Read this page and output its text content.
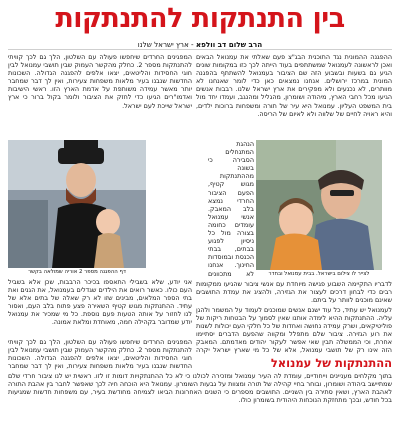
בין התנתקות להתנתקות
הרב שלום דב וולפא - ארץ ישראל שלנו

ההפגנה ההמונית נגד התוכנית הבג"צ פעם שאלתי את עמנואל הבאים ואכן לראשונה לעמנואל שמשתתפים בעוד הייתה לכך כזו במקומות שונים הגיע גם בשעות ובשבוע הזה שם הציבור בעמנואל להשתתף בהפגנה המונית במרכז ירושלים. אנחנו נמצאים כאן כדי לומר שאנחנו לא מוותרים, לא נכנעים ולא מפקירים את ארץ ישראל שלנו. רבבות אנשים הגיעו מכל רחבי הארץ, מיהודה ושומרון, מהגליל ומהנגב, ועמדו יחד מול בית המשפט העליון. עמנואל היא עיר של תורה ומשפחות ברוכות ילדים, והיא ראויה לחיים של שלווה ולא לאיום של הריסה.

המפגינים החרדים שיחפשו פעולה עם השלטון, הלך גם לכך קוויתי להתנתקות מספר 2. כחלק מהקשר העמוק שבין תושבי עמנואל לבין חוגי החסידות והליטאים, יצאו אלפים להפגנה הגדולה. השכונות החדשות שנבנו בעיר מלאות משפחות צעירות, ואין לך דבר שמחבר יותר מאשר עמידה משותפת על אדמת הארץ הזו. ראשי הישיבות ואדמו"רים הגיעו כדי לחזק את הציבור ולומר בקול ברור כי ארץ ישראל שייכת לעם ישראל.

לצייר לו צילום בישראל. בבית עמנואל ובחדר

הנהגת המתנחלים הסבירה כי בשונה מההתנתקות מגוש קטיף, הפעם הציבור החרדי נמצא בלב המאבק. אנשי עמנואל עומדים כחומה בצורה מול כל ניסיון לפגוע בבתים, בבתי הכנסת ובמוסדות החינוך. אנחנו לא מתכוונים

דף ההפגנה מספר 2 אוריה שמולאה בקשר

אני יודע, שלא בשבילי התאספו בכיכר הרבבות, שכן אלא בשביל העם כולו. כאשר רואים את הילדים שגדלים בעמנואל, את הגנים ואת בתי הספר המלאים, מבינים שזו לא רק שאלה של בתים אלא של עתיד. ההתנתקות מגוש קטיף השאירה פצע פתוח בלב העם, ואסור לנו לחזור על אותה הטעות פעם נוספת. כל מי שמכיר את עמנואל יודע שמדובר בקהילה חמה, מאוחדת ומלאת אמונה.

לדבריו התקיימה השבוע פגישה מיוחדת עם אנשי ציבור שהגיעו ממקומות רבים כדי לבחון דרכים לעצור את הגזירה, ולהציג את עמדת התושבים שאינם מוכנים לוותר על ביתם.

לעמנואל יש עתיד, כל עוד ישנם אנשים שמוכנים לעמוד על המשמר ולהגן עליה. ההתנתקות ההיא לימדה אותנו שאין לסמוך על הבטחות ריקות של פוליטיקאים, ושרק עמידה נחושה ואחדות של כל חלקי העם יכולות לשנות את רוע הגזירה. ציבור שלם מתפלל ומקווה שהפעם הדברים יסתיימו אחרת, וכי הממשלה תבין שאי אפשר לעקור יהודים מאדמתם. המאבק הזה אינו רק של תושבי עמנואל, אלא של כל מי שארץ ישראל יקרה

ההתנתקות של עמנואל

בתוך מקלחים מעניינים וייחודיים, עומדת לה העיר עמנואל ומזכירה לכולנו כי לא כל ההתנתקויות דומות זו לזו. ראשית יש לנו ציבור חרדי שלם שמתיישב ביהודה ושומרון, ובוחר בחיי קהילה של תורה ומצוות על גבעות השומרון. עמנואל היא הוכחה חיה לכך שאפשר לחבר בין אהבת התורה לאהבת הארץ, ושאין סתירה בין השניים. התושבים מספרים כי השנים האחרונות הביאו לצמיחה מחודשת בעיר, עם משפחות חדשות שמגיעות בכל חודש, ובכך מתחזקת הנוכחות היהודית בשומרון כולו.

המפגינים החרדים שיחפשו פעולה עם השלטון, הלך גם לכך קוויתי להתנתקות מספר 2. כחלק מהקשר העמוק שבין תושבי עמנואל לבין חוגי החסידות והליטאים, יצאו אלפים להפגנה הגדולה. השכונות החדשות שנבנו בעיר מלאות משפחות צעירות, ואין לך דבר שמחבר
